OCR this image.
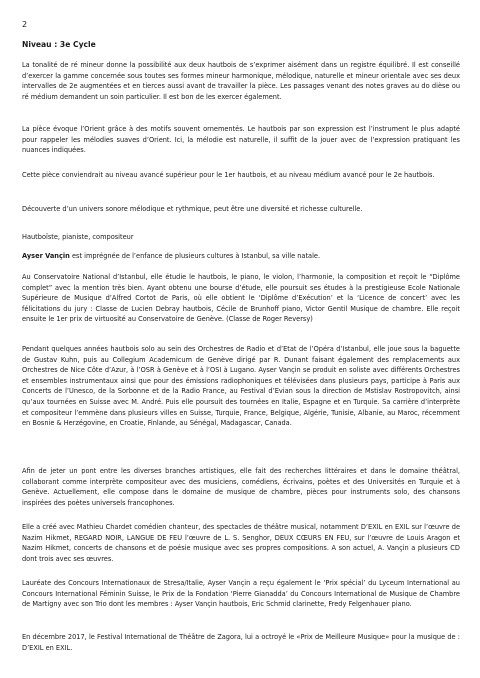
2
Niveau : 3e Cycle

La tonalité de ré mineur donne la possibilité aux deux hautbois de s’exprimer aisément dans un registre équilibré. Il est conseillé d’exercer la gamme concernée sous toutes ses formes mineur harmonique, mélodique, naturelle et mineur orientale avec ses deux intervalles de 2e augmentées et en tierces aussi avant de travailler la pièce. Les passages venant des notes graves au do dièse ou ré médium demandent un soin particulier. Il est bon de les exercer également.

La pièce évoque l’Orient grâce à des motifs souvent ornementés. Le hautbois par son expression est l’instrument le plus adapté pour rappeler les mélodies suaves d’Orient. Ici, la mélodie est naturelle, il suffit de la jouer avec de l’expression pratiquant les nuances indiquées.

Cette pièce conviendrait au niveau avancé supérieur pour le 1er hautbois, et au niveau médium avancé pour le 2e hautbois.

Découverte d’un univers sonore mélodique et rythmique, peut être une diversité et richesse culturelle.

Hautboïste, pianiste, compositeur

Ayser Vançin est imprégnée de l’enfance de plusieurs cultures à Istanbul, sa ville natale.

Au Conservatoire National d’Istanbul, elle étudie le hautbois, le piano, le violon, l’harmonie, la composition et reçoit le “Diplôme complet” avec la mention très bien. Ayant obtenu une bourse d’étude, elle poursuit ses études à la prestigieuse Ecole Nationale Supérieure de Musique d’Alfred Cortot de Paris, où elle obtient le ‘Diplôme d’Exécution’ et la ‘Licence de concert’ avec les félicitations du jury : Classe de Lucien Debray hautbois, Cécile de Brunhoff piano, Victor Gentil Musique de chambre. Elle reçoit ensuite le 1er prix de virtuosité au Conservatoire de Genève. (Classe de Roger Reversy)

Pendant quelques années hautbois solo au sein des Orchestres de Radio et d’Etat de l’Opéra d’Istanbul, elle joue sous la baguette de Gustav Kuhn, puis au Collegium Academicum de Genève dirigé par R. Dunant faisant également des remplacements aux Orchestres de Nice Côte d’Azur, à l’OSR à Genève et à l’OSI à Lugano. Ayser Vançin se produit en soliste avec différents Orchestres et ensembles instrumentaux ainsi que pour des émissions radiophoniques et télévisées dans plusieurs pays, participe à Paris aux Concerts de l’Unesco, de la Sorbonne et de la Radio France, au Festival d’Evian sous la direction de Mstislav Rostropovitch, ainsi qu’aux tournées en Suisse avec M. André. Puis elle poursuit des tournées en Italie, Espagne et en Turquie. Sa carrière d’interprète et compositeur l’emmène dans plusieurs villes en Suisse, Turquie, France, Belgique, Algérie, Tunisie, Albanie, au Maroc, récemment en Bosnie & Herzégovine, en Croatie, Finlande, au Sénégal, Madagascar, Canada.

Afin de jeter un pont entre les diverses branches artistiques, elle fait des recherches littéraires et dans le domaine théâtral, collaborant comme interprète compositeur avec des musiciens, comédiens, écrivains, poètes et des Universités en Turquie et à Genève. Actuellement, elle compose dans le domaine de musique de chambre, pièces pour instruments solo, des chansons inspirées des poètes universels francophones.

Elle a créé avec Mathieu Chardet comédien chanteur, des spectacles de théâtre musical, notamment D’EXIL en EXIL sur l’œuvre de Nazim Hikmet, REGARD NOIR, LANGUE DE FEU l’œuvre de L. S. Senghor, DEUX CŒURS EN FEU, sur l’œuvre de Louis Aragon et Nazim Hikmet, concerts de chansons et de poésie musique avec ses propres compositions. A son actuel, A. Vançin a plusieurs CD dont trois avec ses œuvres.

Lauréate des Concours Internationaux de Stresa/Italie, Ayser Vançin a reçu également le ‘Prix spécial’ du Lyceum International au Concours International Féminin Suisse, le Prix de la Fondation ‘Pierre Gianadda’ du Concours International de Musique de Chambre de Martigny avec son Trio dont les membres : Ayser Vançin hautbois, Eric Schmid clarinette, Fredy Felgenhauer piano.

En décembre 2017, le Festival International de Théâtre de Zagora, lui a octroyé le «Prix de Meilleure Musique» pour la musique de : D’EXIL en EXIL.
